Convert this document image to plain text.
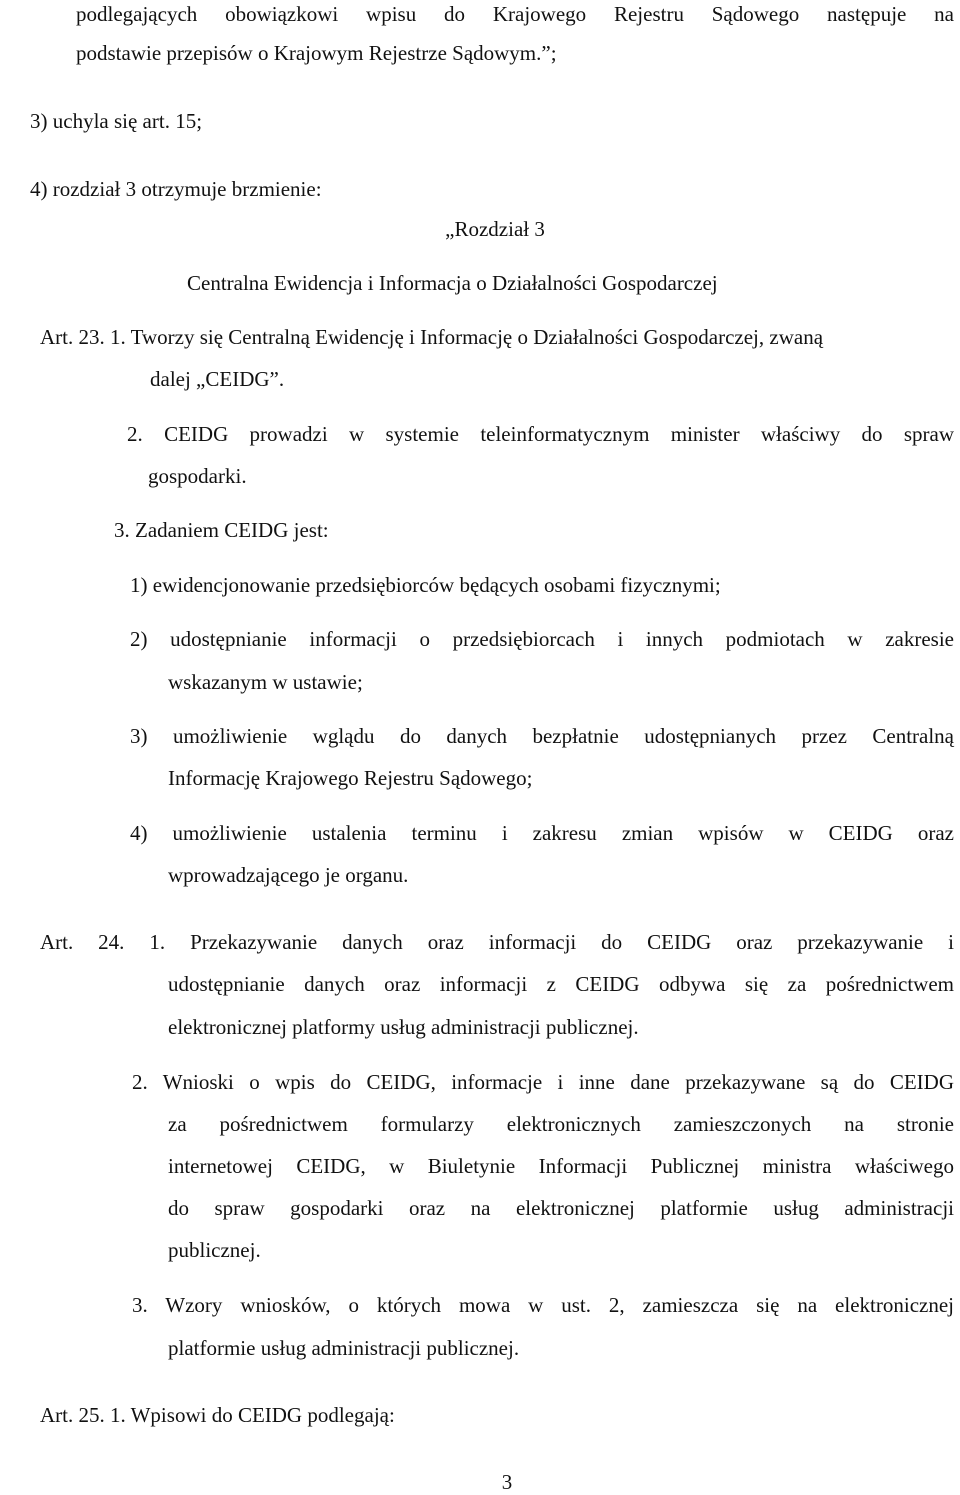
podlegających obowiązkowi wpisu do Krajowego Rejestru Sądowego następuje na
podstawie przepisów o Krajowym Rejestrze Sądowym.”;
3) uchyla się art. 15;
4) rozdział 3 otrzymuje brzmienie:
„Rozdział 3
Centralna Ewidencja i Informacja o Działalności Gospodarczej
Art. 23. 1. Tworzy się Centralną Ewidencję i Informację o Działalności Gospodarczej, zwaną
dalej „CEIDG”.
2. CEIDG prowadzi w systemie teleinformatycznym minister właściwy do spraw
gospodarki.
3. Zadaniem CEIDG jest:
1) ewidencjonowanie przedsiębiorców będących osobami fizycznymi;
2) udostępnianie informacji o przedsiębiorcach i innych podmiotach w zakresie
wskazanym w ustawie;
3) umożliwienie wglądu do danych bezpłatnie udostępnianych przez Centralną
Informację Krajowego Rejestru Sądowego;
4) umożliwienie ustalenia terminu i zakresu zmian wpisów w CEIDG oraz
wprowadzającego je organu.
Art. 24. 1. Przekazywanie danych oraz informacji do CEIDG oraz przekazywanie i
udostępnianie danych oraz informacji z CEIDG odbywa się za pośrednictwem
elektronicznej platformy usług administracji publicznej.
2. Wnioski o wpis do CEIDG, informacje i inne dane przekazywane są do CEIDG
za pośrednictwem formularzy elektronicznych zamieszczonych na stronie
internetowej CEIDG, w Biuletynie Informacji Publicznej ministra właściwego
do spraw gospodarki oraz na elektronicznej platformie usług administracji
publicznej.
3. Wzory wniosków, o których mowa w ust. 2, zamieszcza się na elektronicznej
platformie usług administracji publicznej.
Art. 25. 1. Wpisowi do CEIDG podlegają:
3
